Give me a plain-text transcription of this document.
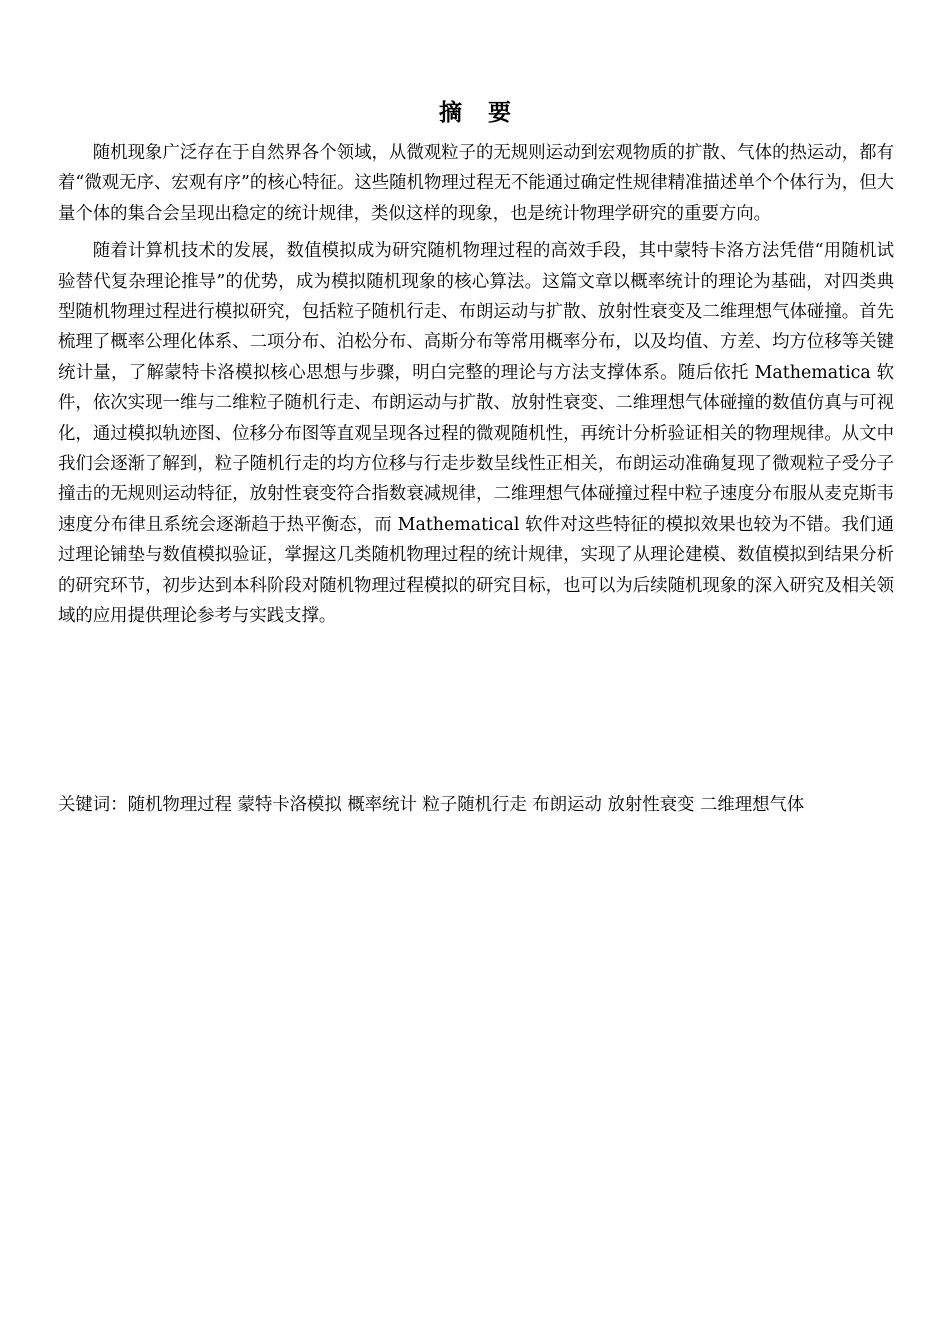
摘 要

随机现象广泛存在于自然界各个领域，从微观粒子的无规则运动到宏观物质的扩散、气体的热运动，都有着“微观无序、宏观有序”的核心特征。这些随机物理过程无不能通过确定性规律精准描述单个个体行为，但大量个体的集合会呈现出稳定的统计规律，类似这样的现象，也是统计物理学研究的重要方向。

随着计算机技术的发展，数值模拟成为研究随机物理过程的高效手段，其中蒙特卡洛方法凭借“用随机试验替代复杂理论推导”的优势，成为模拟随机现象的核心算法。这篇文章以概率统计的理论为基础，对四类典型随机物理过程进行模拟研究，包括粒子随机行走、布朗运动与扩散、放射性衰变及二维理想气体碰撞。首先梳理了概率公理化体系、二项分布、泊松分布、高斯分布等常用概率分布，以及均值、方差、均方位移等关键统计量，了解蒙特卡洛模拟核心思想与步骤，明白完整的理论与方法支撑体系。随后依托 Mathematica 软件，依次实现一维与二维粒子随机行走、布朗运动与扩散、放射性衰变、二维理想气体碰撞的数值仿真与可视化，通过模拟轨迹图、位移分布图等直观呈现各过程的微观随机性，再统计分析验证相关的物理规律。从文中我们会逐渐了解到，粒子随机行走的均方位移与行走步数呈线性正相关，布朗运动准确复现了微观粒子受分子撞击的无规则运动特征，放射性衰变符合指数衰减规律，二维理想气体碰撞过程中粒子速度分布服从麦克斯韦速度分布律且系统会逐渐趋于热平衡态，而 Mathematical 软件对这些特征的模拟效果也较为不错。我们通过理论铺垫与数值模拟验证，掌握这几类随机物理过程的统计规律，实现了从理论建模、数值模拟到结果分析的研究环节，初步达到本科阶段对随机物理过程模拟的研究目标，也可以为后续随机现象的深入研究及相关领域的应用提供理论参考与实践支撑。

关键词：随机物理过程 蒙特卡洛模拟 概率统计 粒子随机行走 布朗运动 放射性衰变 二维理想气体
